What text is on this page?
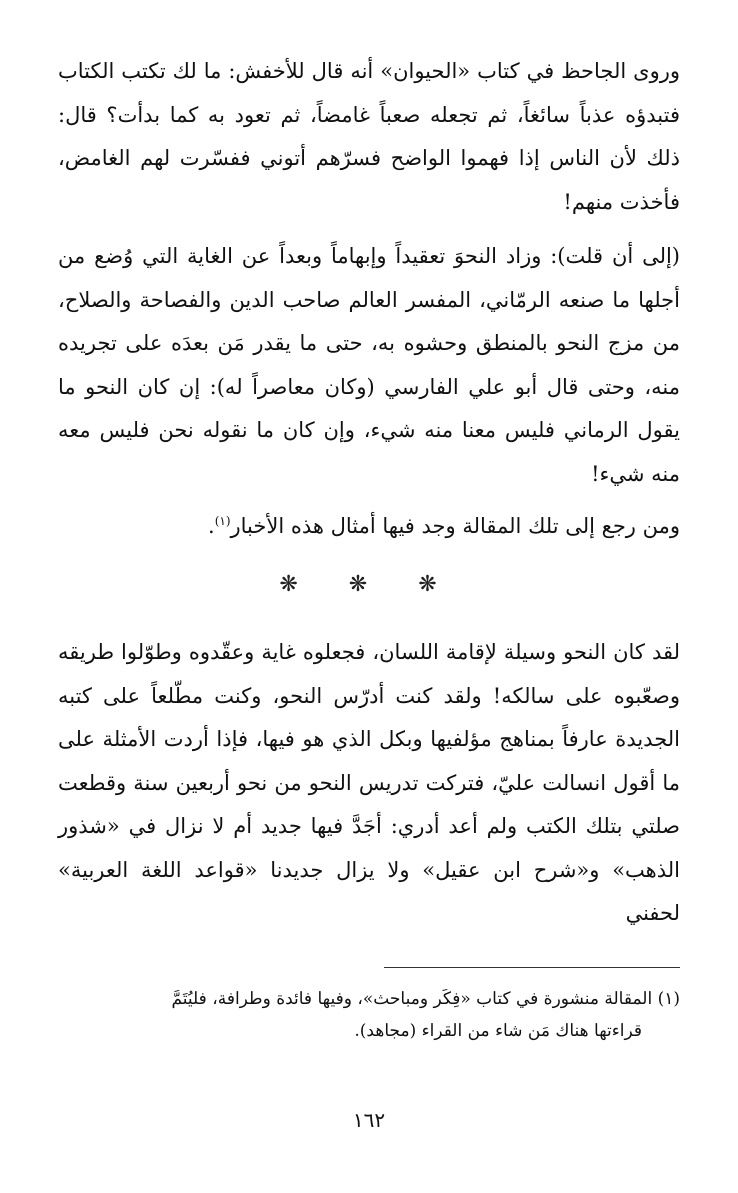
وروى الجاحظ في كتاب «الحيوان» أنه قال للأخفش: ما لك تكتب الكتاب فتبدؤه عذباً سائغاً، ثم تجعله صعباً غامضاً، ثم تعود به كما بدأت؟ قال: ذلك لأن الناس إذا فهموا الواضح فسرّهم أتوني ففسّرت لهم الغامض، فأخذت منهم!

(إلى أن قلت): وزاد النحوَ تعقيداً وإبهاماً وبعداً عن الغاية التي وُضع من أجلها ما صنعه الرمّاني، المفسر العالم صاحب الدين والفصاحة والصلاح، من مزج النحو بالمنطق وحشوه به، حتى ما يقدر مَن بعدَه على تجريده منه، وحتى قال أبو علي الفارسي (وكان معاصراً له): إن كان النحو ما يقول الرماني فليس معنا منه شيء، وإن كان ما نقوله نحن فليس معه منه شيء!

ومن رجع إلى تلك المقالة وجد فيها أمثال هذه الأخبار$^{(١)}$.

❋ ❋ ❋

لقد كان النحو وسيلة لإقامة اللسان، فجعلوه غاية وعقّدوه وطوّلوا طريقه وصعّبوه على سالكه! ولقد كنت أدرّس النحو، وكنت مطّلعاً على كتبه الجديدة عارفاً بمناهج مؤلفيها وبكل الذي هو فيها، فإذا أردت الأمثلة على ما أقول انسالت عليّ، فتركت تدريس النحو من نحو أربعين سنة وقطعت صلتي بتلك الكتب ولم أعد أدري: أجَدَّ فيها جديد أم لا نزال في «شذور الذهب» و«شرح ابن عقيل» ولا يزال جديدنا «قواعد اللغة العربية» لحفني

(١) المقالة منشورة في كتاب «فِكَر ومباحث»، وفيها فائدة وطرافة، فليُتَمَّ
قراءتها هناك مَن شاء من القراء (مجاهد).

١٦٢
